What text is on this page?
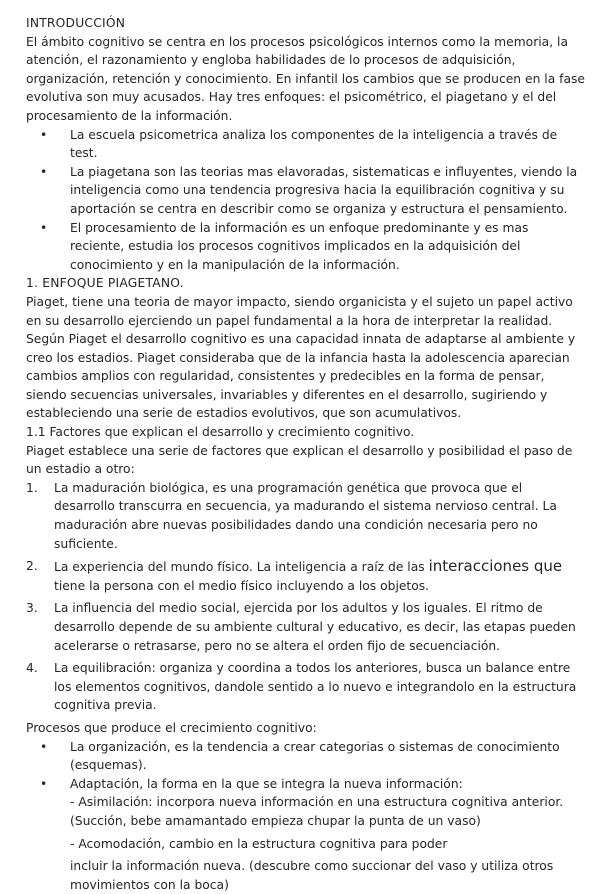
INTRODUCCIÓN

El ámbito cognitivo se centra en los procesos psicológicos internos como la memoria, la atención, el razonamiento y engloba habilidades de lo procesos de adquisición, organización, retención y conocimiento. En infantil los cambios que se producen en la fase evolutiva son muy acusados. Hay tres enfoques: el psicométrico, el piagetano y el del procesamiento de la información.

• La escuela psicometrica analiza los componentes de la inteligencia a través de test.
• La piagetana son las teorias mas elavoradas, sistematicas e influyentes, viendo la inteligencia como una tendencia progresiva hacia la equilibración cognitiva y su aportación se centra en describir como se organiza y estructura el pensamiento.
• El procesamiento de la información es un enfoque predominante y es mas reciente, estudia los procesos cognitivos implicados en la adquisición del conocimiento y en la manipulación de la información.
1. ENFOQUE PIAGETANO.

Piaget, tiene una teoria de mayor impacto, siendo organicista y el sujeto un papel activo en su desarrollo ejerciendo un papel fundamental a la hora de interpretar la realidad.

Según Piaget el desarrollo cognitivo es una capacidad innata de adaptarse al ambiente y creo los estadios. Piaget consideraba que de la infancia hasta la adolescencia aparecian cambios amplios con regularidad, consistentes y predecibles en la forma de pensar, siendo secuencias universales, invariables y diferentes en el desarrollo, sugiriendo y estableciendo una serie de estadios evolutivos, que son acumulativos.

1.1 Factores que explican el desarrollo y crecimiento cognitivo.

Piaget establece una serie de factores que explican el desarrollo y posibilidad el paso de un estadio a otro:

1. La maduración biológica, es una programación genética que provoca que el desarrollo transcurra en secuencia, ya madurando el sistema nervioso central. La maduración abre nuevas posibilidades dando una condición necesaria pero no suficiente.
2. La experiencia del mundo físico. La inteligencia a raíz de las interacciones que tiene la persona con el medio físico incluyendo a los objetos.
3. La influencia del medio social, ejercida por los adultos y los iguales. El ritmo de desarrollo depende de su ambiente cultural y educativo, es decir, las etapas pueden acelerarse o retrasarse, pero no se altera el orden fijo de secuenciación.
4. La equilibración: organiza y coordina a todos los anteriores, busca un balance entre los elementos cognitivos, dandole sentido a lo nuevo e integrandolo en la estructura cognitiva previa.
Procesos que produce el crecimiento cognitivo:
• La organización, es la tendencia a crear categorias o sistemas de conocimiento (esquemas).
• Adaptación, la forma en la que se integra la nueva información:
- Asimilación: incorpora nueva información en una estructura cognitiva anterior.
(Succión, bebe amamantado empieza chupar la punta de un vaso)
- Acomodación, cambio en la estructura cognitiva para poder
incluir la información nueva. (descubre como succionar del vaso y utiliza otros movimientos con la boca)
